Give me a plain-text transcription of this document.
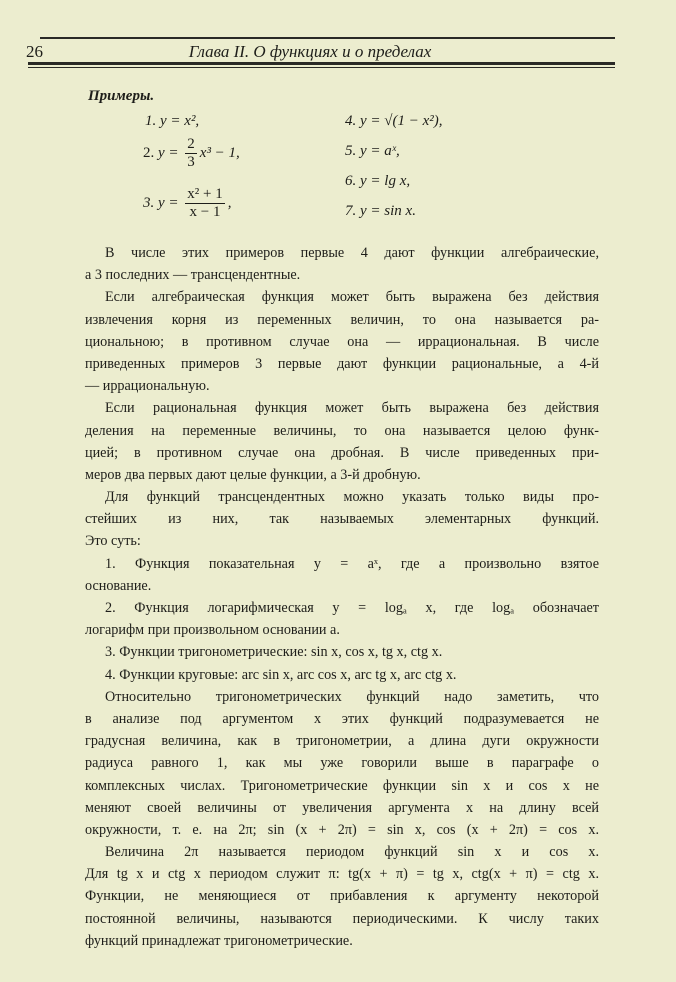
26	Глава II. О функциях и о пределах
Примеры.
1. y = x²,
2. $y = \frac{2}{3} x^3 - 1$,
3. $y = \frac{\text{x² + 1}}{x - 1}$ ,
4. y = √(1 − x²),
5. y = aˣ,
6. y = lg x,
7. y = sin x.
В числе этих примеров первые 4 дают функции алгебраические,
а 3 последних — трансцендентные.
Если алгебраическая функция может быть выражена без действия
извлечения корня из переменных величин, то она называется ра-
циональною; в противном случае она — иррациональная. В числе
приведенных примеров 3 первые дают функции рациональные, а 4-й
— иррациональную.
Если рациональная функция может быть выражена без действия
деления на переменные величины, то она называется целою функ-
цией; в противном случае она дробная. В числе приведенных при-
меров два первых дают целые функции, а 3-й дробную.
Для функций трансцендентных можно указать только виды про-
стейших из них, так называемых элементарных функций.
Это суть:
1. Функция показательная y = aˣ, где a произвольно взятое
основание.
2. Функция логарифмическая y = logₐ x, где logₐ обозначает
логарифм при произвольном основании a.
3. Функции тригонометрические: sin x, cos x, tg x, ctg x.
4. Функции круговые: arc sin x, arc cos x, arc tg x, arc ctg x.
Относительно тригонометрических функций надо заметить, что
в анализе под аргументом x этих функций подразумевается не
градусная величина, как в тригонометрии, а длина дуги окружности
радиуса равного 1, как мы уже говорили выше в параграфе о
комплексных числах. Тригонометрические функции sin x и cos x не
меняют своей величины от увеличения аргумента x на длину всей
окружности, т. е. на 2π; sin (x + 2π) = sin x, cos (x + 2π) = cos x.
Величина 2π называется периодом функций sin x и cos x.
Для tg x и ctg x периодом служит π: tg(x + π) = tg x, ctg(x + π) = ctg x.
Функции, не меняющиеся от прибавления к аргументу некоторой
постоянной величины, называются периодическими. К числу таких
функций принадлежат тригонометрические.
